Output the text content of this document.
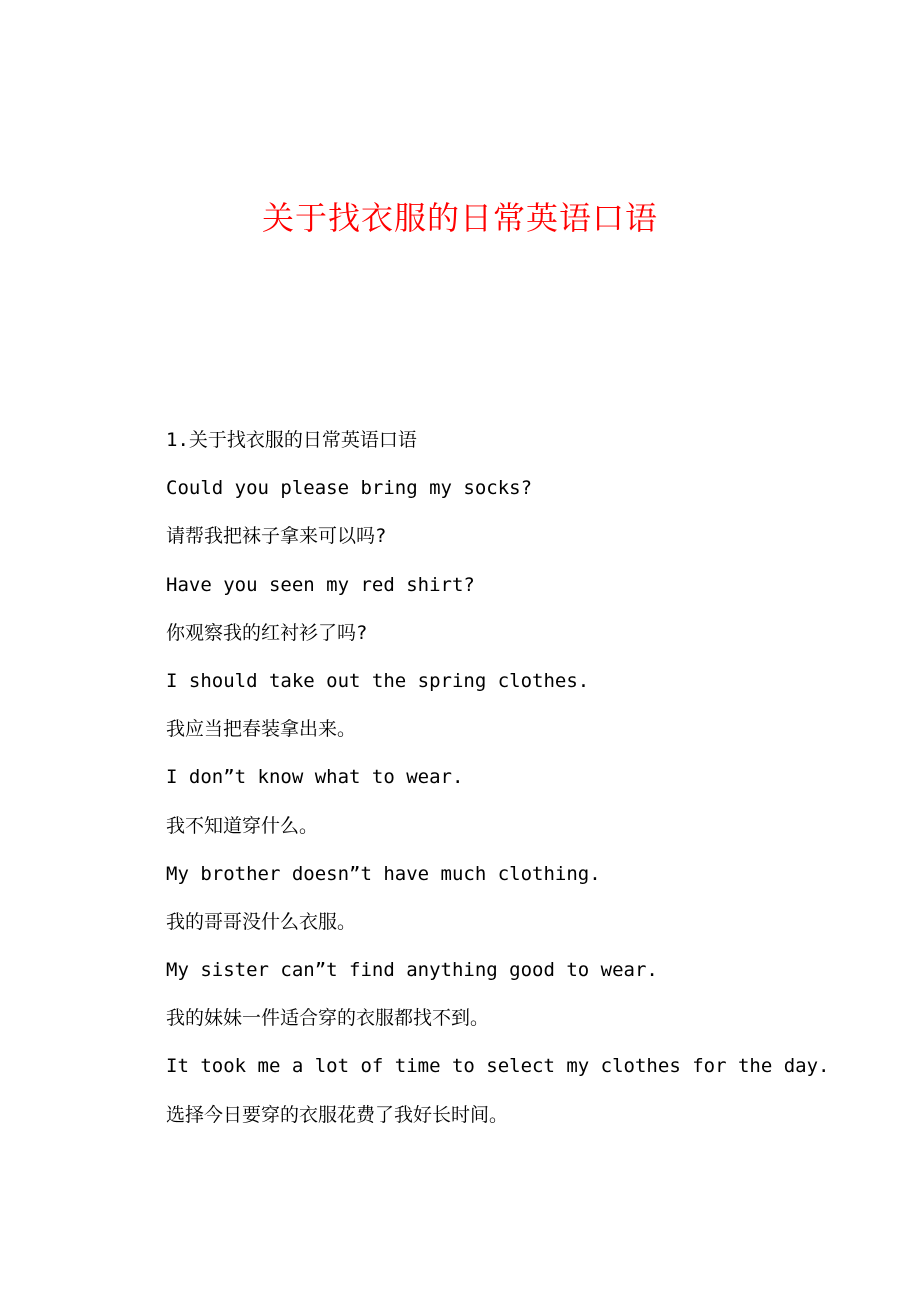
关于找衣服的日常英语口语

1.关于找衣服的日常英语口语

Could you please bring my socks?

请帮我把袜子拿来可以吗?

Have you seen my red shirt?

你观察我的红衬衫了吗?

I should take out the spring clothes.

我应当把春装拿出来。

I don”t know what to wear.

我不知道穿什么。

My brother doesn”t have much clothing.

我的哥哥没什么衣服。

My sister can”t find anything good to wear.

我的妹妹一件适合穿的衣服都找不到。

It took me a lot of time to select my clothes for the day.

选择今日要穿的衣服花费了我好长时间。
